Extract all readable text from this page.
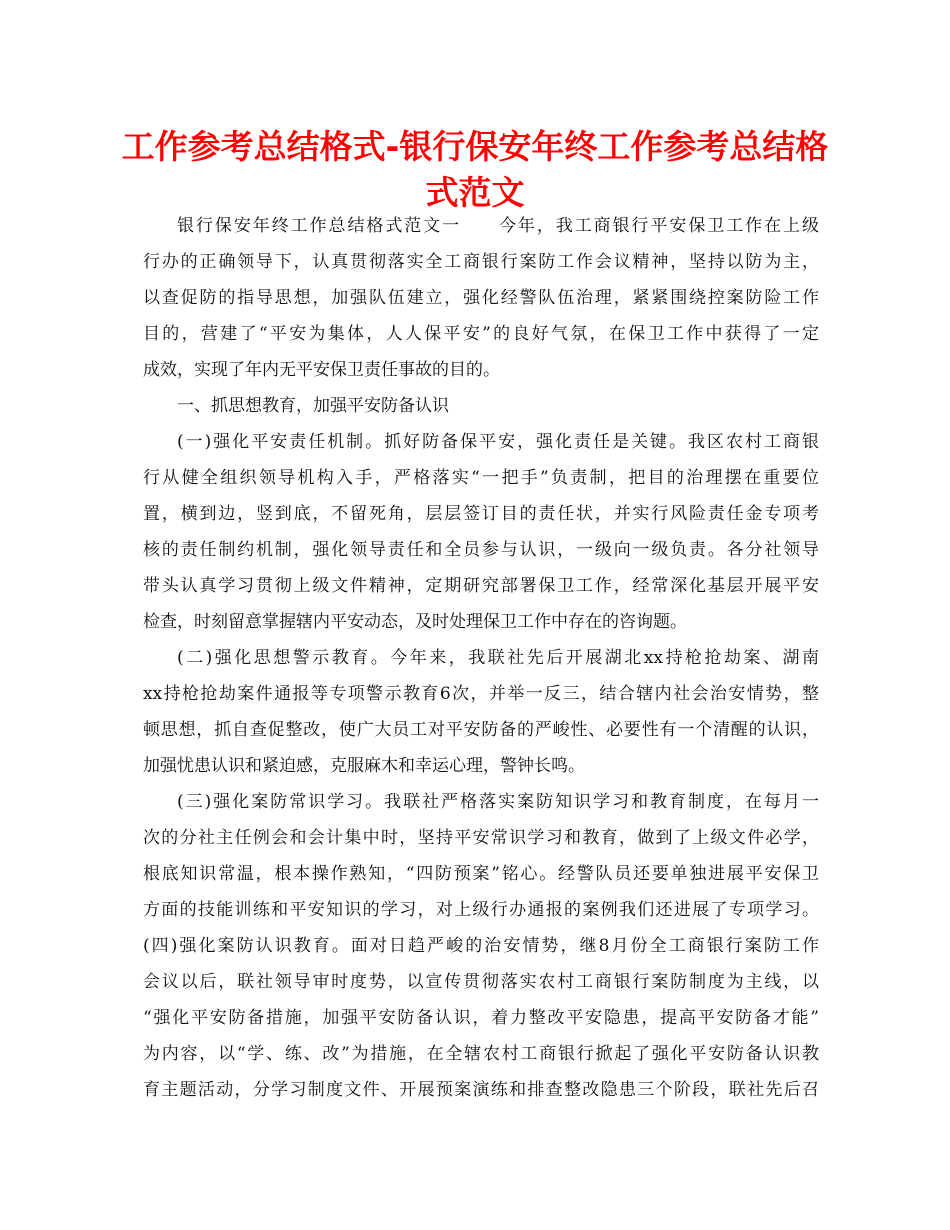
工作参考总结格式-银行保安年终工作参考总结格
式范文
银行保安年终工作总结格式范文一　　今年，我工商银行平安保卫工作在上级
行办的正确领导下，认真贯彻落实全工商银行案防工作会议精神，坚持以防为主，
以查促防的指导思想，加强队伍建立，强化经警队伍治理，紧紧围绕控案防险工作
目的，营建了“平安为集体，人人保平安”的良好气氛，在保卫工作中获得了一定
成效，实现了年内无平安保卫责任事故的目的。
一、抓思想教育，加强平安防备认识
(一)强化平安责任机制。抓好防备保平安，强化责任是关键。我区农村工商银
行从健全组织领导机构入手，严格落实“一把手”负责制，把目的治理摆在重要位
置，横到边，竖到底，不留死角，层层签订目的责任状，并实行风险责任金专项考
核的责任制约机制，强化领导责任和全员参与认识，一级向一级负责。各分社领导
带头认真学习贯彻上级文件精神，定期研究部署保卫工作，经常深化基层开展平安
检查，时刻留意掌握辖内平安动态，及时处理保卫工作中存在的咨询题。
(二)强化思想警示教育。今年来，我联社先后开展湖北xx持枪抢劫案、湖南
xx持枪抢劫案件通报等专项警示教育6次，并举一反三，结合辖内社会治安情势，整
顿思想，抓自查促整改，使广大员工对平安防备的严峻性、必要性有一个清醒的认识，
加强忧患认识和紧迫感，克服麻木和幸运心理，警钟长鸣。
(三)强化案防常识学习。我联社严格落实案防知识学习和教育制度，在每月一
次的分社主任例会和会计集中时，坚持平安常识学习和教育，做到了上级文件必学，
根底知识常温，根本操作熟知，“四防预案”铭心。经警队员还要单独进展平安保卫
方面的技能训练和平安知识的学习，对上级行办通报的案例我们还进展了专项学习。
(四)强化案防认识教育。面对日趋严峻的治安情势，继8月份全工商银行案防工作
会议以后，联社领导审时度势，以宣传贯彻落实农村工商银行案防制度为主线，以
“强化平安防备措施，加强平安防备认识，着力整改平安隐患，提高平安防备才能”
为内容，以“学、练、改”为措施，在全辖农村工商银行掀起了强化平安防备认识教
育主题活动，分学习制度文件、开展预案演练和排查整改隐患三个阶段，联社先后召
